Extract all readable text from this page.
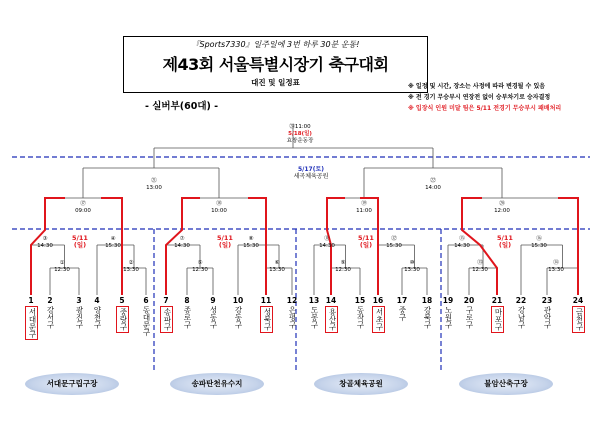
『Sports7330』일주일에 3번 하루 30분 운동!
제43회 서울특별시장기 축구대회
대진 및 일정표	※ 일정 및 시간, 장소는 사정에 따라 변경될 수 있음
※ 전 경기 무승부시 연장전 없이 승부차기로 승자결정
※ 입장식 인원 미달 팀은 5/11 전경기 무승부시 패배처리
- 실버부(60대) -
㉓11:00
5/18(일)
효창운동장
5/17(토)
세곡체육공원
㉑
13:00
㉒
14:00
⑰
09:00
⑱
10:00
⑲
11:00
⑳
12:00
③
14:30
④
15:30
⑦
14:30
⑧
15:30
⑪
14:30
⑫
15:30
⑮
14:30
⑯
15:30
①
12:30
②
13:30
⑤
12:30
⑥
13:30
⑨
12:30
⑩
13:30
⑬
12:30
⑭
13:30
5/11
(일)
5/11
(일)
5/11
(일)
5/11
(일)
1
서대문구
2
강서구
3
광진구
4
양천구
5
중랑구
6
동대문구
7
송파구
8
종로구
9
성동구
10
강동구
11
성북구
12
은평구
13
도봉구
14
용산구
15
동작구
16
서초구
17
중구
18
강북구
19
노원구
20
구로구
21
마포구
22
강남구
23
관악구
24
금천구
서대문구립구장	송파탄천유수지	창골체육공원	불암산축구장
